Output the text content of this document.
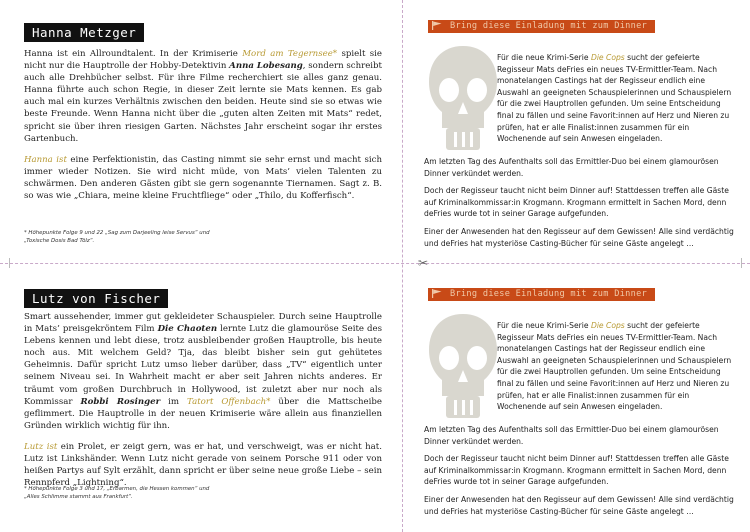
✂
Hanna Metzger

Hanna ist ein Allroundtalent. In der Krimiserie Mord am Tegernsee* spielt sie nicht nur die Hauptrolle der Hobby-Detektivin Anna Lobesang, sondern schreibt auch alle Drehbücher selbst. Für ihre Filme recherchiert sie alles ganz genau. Hanna führte auch schon Regie, in dieser Zeit lernte sie Mats kennen. Es gab auch mal ein kurzes Verhältnis zwischen den beiden. Heute sind sie so etwas wie beste Freunde. Wenn Hanna nicht über die „guten alten Zeiten mit Mats“ redet, spricht sie über ihren riesigen Garten. Nächstes Jahr erscheint sogar ihr erstes Gartenbuch.

Hanna ist eine Perfektionistin, das Casting nimmt sie sehr ernst und macht sich immer wieder Notizen. Sie wird nicht müde, von Mats’ vielen Talenten zu schwärmen. Den anderen Gästen gibt sie gern sogenannte Tiernamen. Sagt z. B. so was wie „Chiara, meine kleine Fruchtfliege“ oder „Thilo, du Kofferfisch“.

* Höhepunkte Folge 9 und 22 „Sag zum Darjeeling leise Servus“ und
„Toxische Dosis Bad Tölz“.

Lutz von Fischer

Smart aussehender, immer gut gekleideter Schauspieler. Durch seine Hauptrolle in Mats’ preisgekröntem Film Die Chaoten lernte Lutz die glamouröse Seite des Lebens kennen und lebt diese, trotz ausbleibender großen Hauptrolle, bis heute noch aus. Mit welchem Geld? Tja, das bleibt bisher sein gut gehütetes Geheimnis. Dafür spricht Lutz umso lieber darüber, dass „TV“ eigentlich unter seinem Niveau sei. In Wahrheit macht er aber seit Jahren nichts anderes. Er träumt vom großen Durchbruch in Hollywood, ist zuletzt aber nur noch als Kommissar Robbi Rosinger im Tatort Offenbach* über die Mattscheibe geflimmert. Die Hauptrolle in der neuen Krimiserie wäre allein aus finanziellen Gründen wirklich wichtig für ihn.

Lutz ist ein Prolet, er zeigt gern, was er hat, und verschweigt, was er nicht hat. Lutz ist Linkshänder. Wenn Lutz nicht gerade von seinem Porsche 911 oder von heißen Partys auf Sylt erzählt, dann spricht er über seine neue große Liebe – sein Rennpferd „Lightning“.

* Höhepunkte Folge 3 und 17, „Erbarmen, die Hessen kommen“ und
„Alles Schlimme stammt aus Frankfurt“.

Bring diese Einladung mit zum Dinner

Für die neue Krimi-Serie Die Cops sucht der gefeierte Regisseur Mats deFries ein neues TV-Ermittler-Team. Nach monatelangen Castings hat der Regisseur endlich eine Auswahl an geeigneten Schauspielerinnen und Schauspielern für die zwei Hauptrollen gefunden. Um seine Entscheidung final zu fällen und seine Favorit:innen auf Herz und Nieren zu prüfen, hat er alle Finalist:innen zusammen für ein Wochenende auf sein Anwesen eingeladen.

Am letzten Tag des Aufenthalts soll das Ermittler-Duo bei einem glamourösen Dinner verkündet werden.

Doch der Regisseur taucht nicht beim Dinner auf! Stattdessen treffen alle Gäste auf Kriminalkommissar:in Krogmann. Krogmann ermittelt in Sachen Mord, denn deFries wurde tot in seiner Garage aufgefunden.

Einer der Anwesenden hat den Regisseur auf dem Gewissen! Alle sind verdächtig und deFries hat mysteriöse Casting-Bücher für seine Gäste angelegt …

Bring diese Einladung mit zum Dinner

Für die neue Krimi-Serie Die Cops sucht der gefeierte Regisseur Mats deFries ein neues TV-Ermittler-Team. Nach monatelangen Castings hat der Regisseur endlich eine Auswahl an geeigneten Schauspielerinnen und Schauspielern für die zwei Hauptrollen gefunden. Um seine Entscheidung final zu fällen und seine Favorit:innen auf Herz und Nieren zu prüfen, hat er alle Finalist:innen zusammen für ein Wochenende auf sein Anwesen eingeladen.

Am letzten Tag des Aufenthalts soll das Ermittler-Duo bei einem glamourösen Dinner verkündet werden.

Doch der Regisseur taucht nicht beim Dinner auf! Stattdessen treffen alle Gäste auf Kriminalkommissar:in Krogmann. Krogmann ermittelt in Sachen Mord, denn deFries wurde tot in seiner Garage aufgefunden.

Einer der Anwesenden hat den Regisseur auf dem Gewissen! Alle sind verdächtig und deFries hat mysteriöse Casting-Bücher für seine Gäste angelegt …
